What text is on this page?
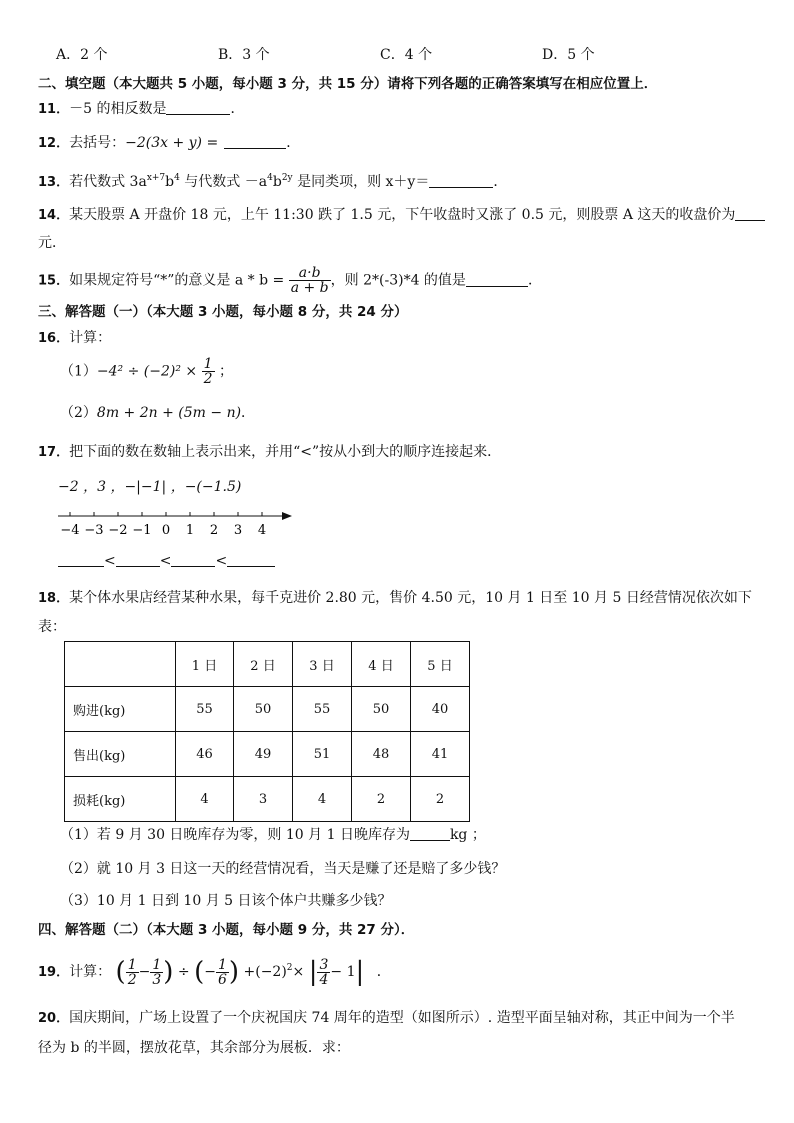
A．2 个	B．3 个	C．4 个	D．5 个
二、填空题（本大题共 5 小题，每小题 3 分，共 15 分）请将下列各题的正确答案填写在相应位置上．
11．－5 的相反数是	．
12．去括号：−2(3x + y) =	．
13．若代数式 $3a^{x+7}b^4$ 与代数式 $-a^4b^{2y}$ 是同类项，则 x＋y＝	．
14．某天股票 A 开盘价 18 元，上午 11:30 跌了 1.5 元，下午收盘时又涨了 0.5 元，则股票 A 这天的收盘价为
元．
15．如果规定符号“*”的意义是 $a * b = \frac{a\cdot b}{a + b}$ ，则 2*(-3)*4 的值是	．
三、解答题（一）（本大题 3 小题，每小题 8 分，共 24 分）
16．计算：
$(1)-4^2 \div (-2)^2 \times \frac{1}{2}$ ；
（2）8m + 2n + (5m − n)．
17．把下面的数在数轴上表示出来，并用“<”按从小到大的顺序连接起来．
−2 ，3 ，−|−1| ，−(−1.5)
−4 −3 −2 −1 0 1 2 3 4
<	<	<
18．某个体水果店经营某种水果，每千克进价 2.80 元，售价 4.50 元，10 月 1 日至 10 月 5 日经营情况依次如下
表：
	1 日	2 日	3 日	4 日	5 日
购进(kg)	55	50	55	50	40
售出(kg)	46	49	51	48	41
损耗(kg)	4	3	4	2	2
（1）若 9 月 30 日晚库存为零，则 10 月 1 日晚库存为	kg ；
（2）就 10 月 3 日这一天的经营情况看，当天是赚了还是赔了多少钱？
（3）10 月 1 日到 10 月 5 日该个体户共赚多少钱？
四、解答题（二）（本大题 3 小题，每小题 9 分，共 27 分）．
19．计算： ( $\frac{1}{2} - \frac{1}{3}$ ) ÷ (− $\frac{1}{6}$ ) $+(-2)^2\times$ | $\frac{3}{4} - 1|$ ．
20．国庆期间，广场上设置了一个庆祝国庆 74 周年的造型（如图所示）. 造型平面呈轴对称，其正中间为一个半
径为 b 的半圆，摆放花草，其余部分为展板．求：
